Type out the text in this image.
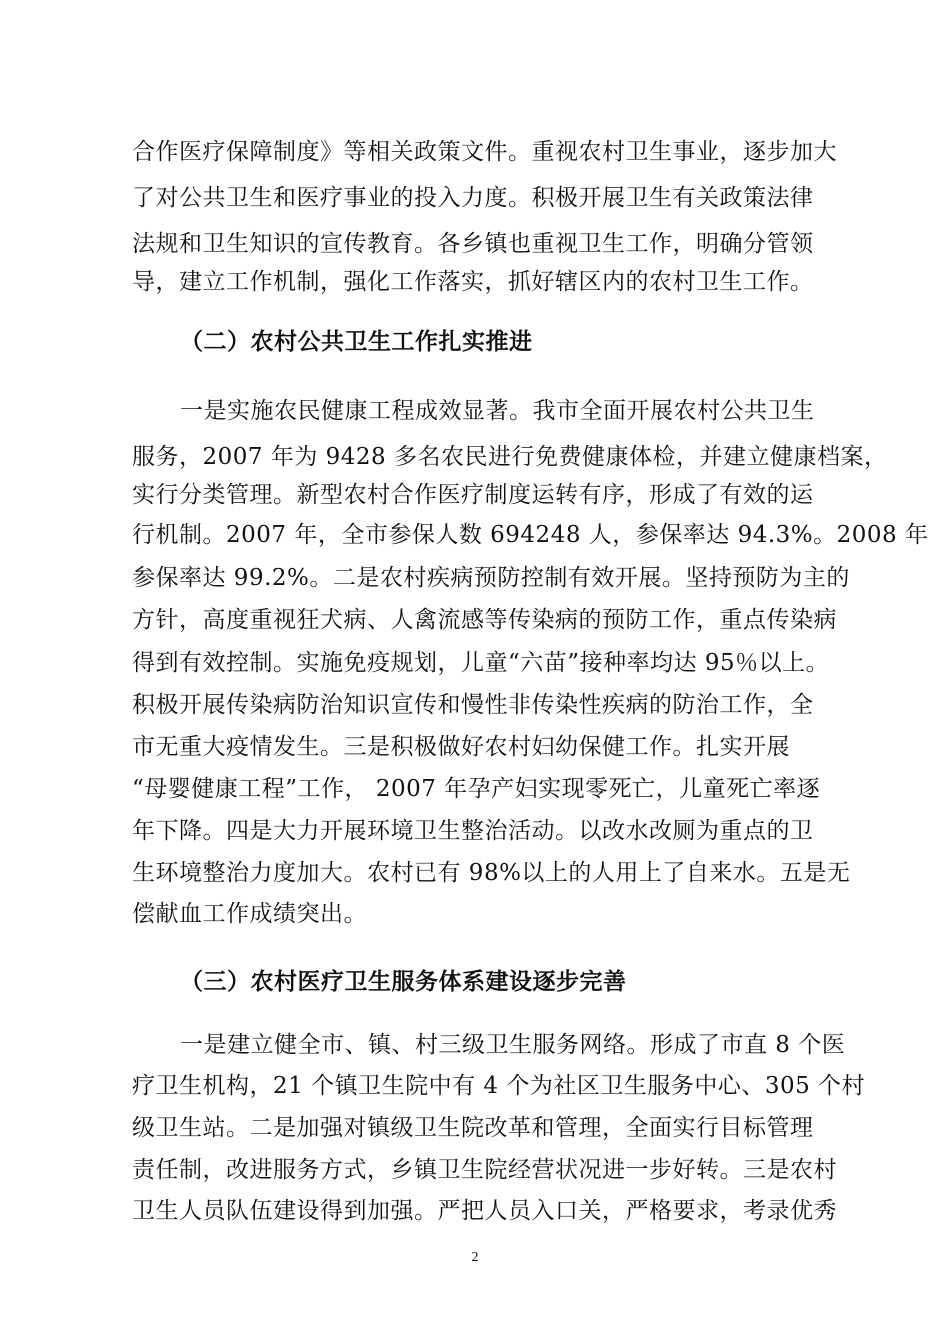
合作医疗保障制度》等相关政策文件。重视农村卫生事业，逐步加大
了对公共卫生和医疗事业的投入力度。积极开展卫生有关政策法律
法规和卫生知识的宣传教育。各乡镇也重视卫生工作，明确分管领
导，建立工作机制，强化工作落实，抓好辖区内的农村卫生工作。
（二）农村公共卫生工作扎实推进
一是实施农民健康工程成效显著。我市全面开展农村公共卫生
服务，2007 年为 9428 多名农民进行免费健康体检，并建立健康档案，
实行分类管理。新型农村合作医疗制度运转有序，形成了有效的运
行机制。2007 年，全市参保人数 694248 人，参保率达 94.3%。2008 年
参保率达 99.2%。二是农村疾病预防控制有效开展。坚持预防为主的
方针，高度重视狂犬病、人禽流感等传染病的预防工作，重点传染病
得到有效控制。实施免疫规划，儿童“六苗”接种率均达 95％以上。
积极开展传染病防治知识宣传和慢性非传染性疾病的防治工作，全
市无重大疫情发生。三是积极做好农村妇幼保健工作。扎实开展
“母婴健康工程”工作， 2007 年孕产妇实现零死亡，儿童死亡率逐
年下降。四是大力开展环境卫生整治活动。以改水改厕为重点的卫
生环境整治力度加大。农村已有 98%以上的人用上了自来水。五是无
偿献血工作成绩突出。
（三）农村医疗卫生服务体系建设逐步完善
一是建立健全市、镇、村三级卫生服务网络。形成了市直 8 个医
疗卫生机构，21 个镇卫生院中有 4 个为社区卫生服务中心、305 个村
级卫生站。二是加强对镇级卫生院改革和管理，全面实行目标管理
责任制，改进服务方式，乡镇卫生院经营状况进一步好转。三是农村
卫生人员队伍建设得到加强。严把人员入口关，严格要求，考录优秀
2
